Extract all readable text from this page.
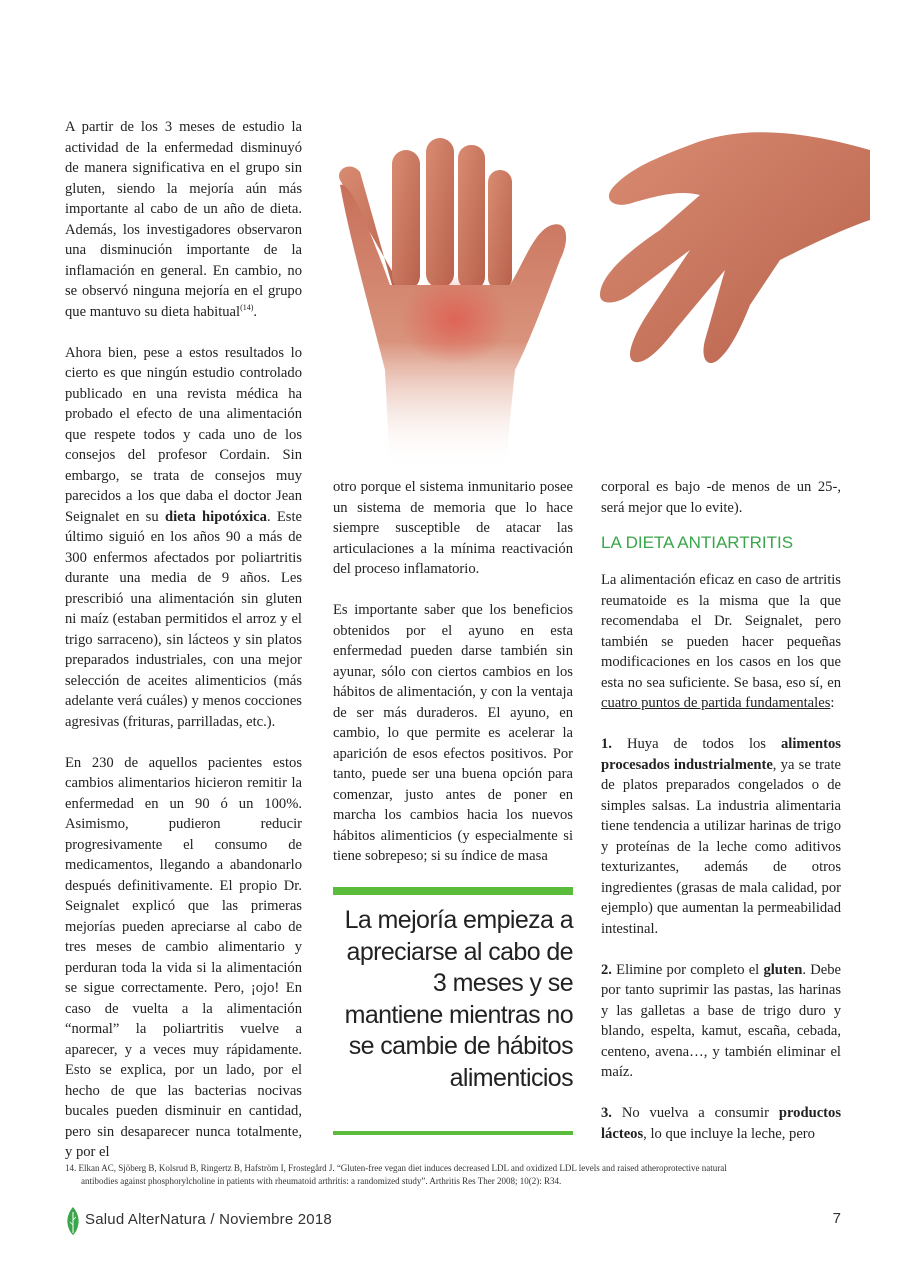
A partir de los 3 meses de estudio la actividad de la enfermedad disminuyó de manera significativa en el grupo sin gluten, siendo la mejoría aún más importante al cabo de un año de dieta. Además, los investigadores observaron una disminución importante de la inflamación en general. En cambio, no se observó ninguna mejoría en el grupo que mantuvo su dieta habitual$^{(14)}$.

Ahora bien, pese a estos resultados lo cierto es que ningún estudio controlado publicado en una revista médica ha probado el efecto de una alimentación que respete todos y cada uno de los consejos del profesor Cordain. Sin embargo, se trata de consejos muy parecidos a los que daba el doctor Jean Seignalet en su dieta hipotóxica. Este último siguió en los años 90 a más de 300 enfermos afectados por poliartritis durante una media de 9 años. Les prescribió una alimentación sin gluten ni maíz (estaban permitidos el arroz y el trigo sarraceno), sin lácteos y sin platos preparados industriales, con una mejor selección de aceites alimenticios (más adelante verá cuáles) y menos cocciones agresivas (frituras, parrilladas, etc.).

En 230 de aquellos pacientes estos cambios alimentarios hicieron remitir la enfermedad en un 90 ó un 100%. Asimismo, pudieron reducir progresivamente el consumo de medicamentos, llegando a abandonarlo después definitivamente. El propio Dr. Seignalet explicó que las primeras mejorías pueden apreciarse al cabo de tres meses de cambio alimentario y perduran toda la vida si la alimentación se sigue correctamente. Pero, ¡ojo! En caso de vuelta a la alimentación “normal” la poliartritis vuelve a aparecer, y a veces muy rápidamente. Esto se explica, por un lado, por el hecho de que las bacterias nocivas bucales pueden disminuir en cantidad, pero sin desaparecer nunca totalmente, y por el

otro porque el sistema inmunitario posee un sistema de memoria que lo hace siempre susceptible de atacar las articulaciones a la mínima reactivación del proceso inflamatorio.

Es importante saber que los beneficios obtenidos por el ayuno en esta enfermedad pueden darse también sin ayunar, sólo con ciertos cambios en los hábitos de alimentación, y con la ventaja de ser más duraderos. El ayuno, en cambio, lo que permite es acelerar la aparición de esos efectos positivos. Por tanto, puede ser una buena opción para comenzar, justo antes de poner en marcha los cambios hacia los nuevos hábitos alimenticios (y especialmente si tiene sobrepeso; si su índice de masa

La mejoría empieza a apreciarse al cabo de 3 meses y se mantiene mientras no se cambie de hábitos alimenticios

corporal es bajo -de menos de un 25-, será mejor que lo evite).

LA DIETA ANTIARTRITIS

La alimentación eficaz en caso de artritis reumatoide es la misma que la que recomendaba el Dr. Seignalet, pero también se pueden hacer pequeñas modificaciones en los casos en los que esta no sea suficiente. Se basa, eso sí, en cuatro puntos de partida fundamentales:

1. Huya de todos los alimentos procesados industrialmente, ya se trate de platos preparados congelados o de simples salsas. La industria alimentaria tiene tendencia a utilizar harinas de trigo y proteínas de la leche como aditivos texturizantes, además de otros ingredientes (grasas de mala calidad, por ejemplo) que aumentan la permeabilidad intestinal.

2. Elimine por completo el gluten. Debe por tanto suprimir las pastas, las harinas y las galletas a base de trigo duro y blando, espelta, kamut, escaña, cebada, centeno, avena…, y también eliminar el maíz.

3. No vuelva a consumir productos lácteos, lo que incluye la leche, pero

14. Elkan AC, Sjöberg B, Kolsrud B, Ringertz B, Hafström I, Frostegård J. “Gluten-free vegan diet induces decreased LDL and oxidized LDL levels and raised atheroprotective natural
antibodies against phosphorylcholine in patients with rheumatoid arthritis: a randomized study”. Arthritis Res Ther 2008; 10(2): R34.
Salud AlterNatura / Noviembre 2018	7
